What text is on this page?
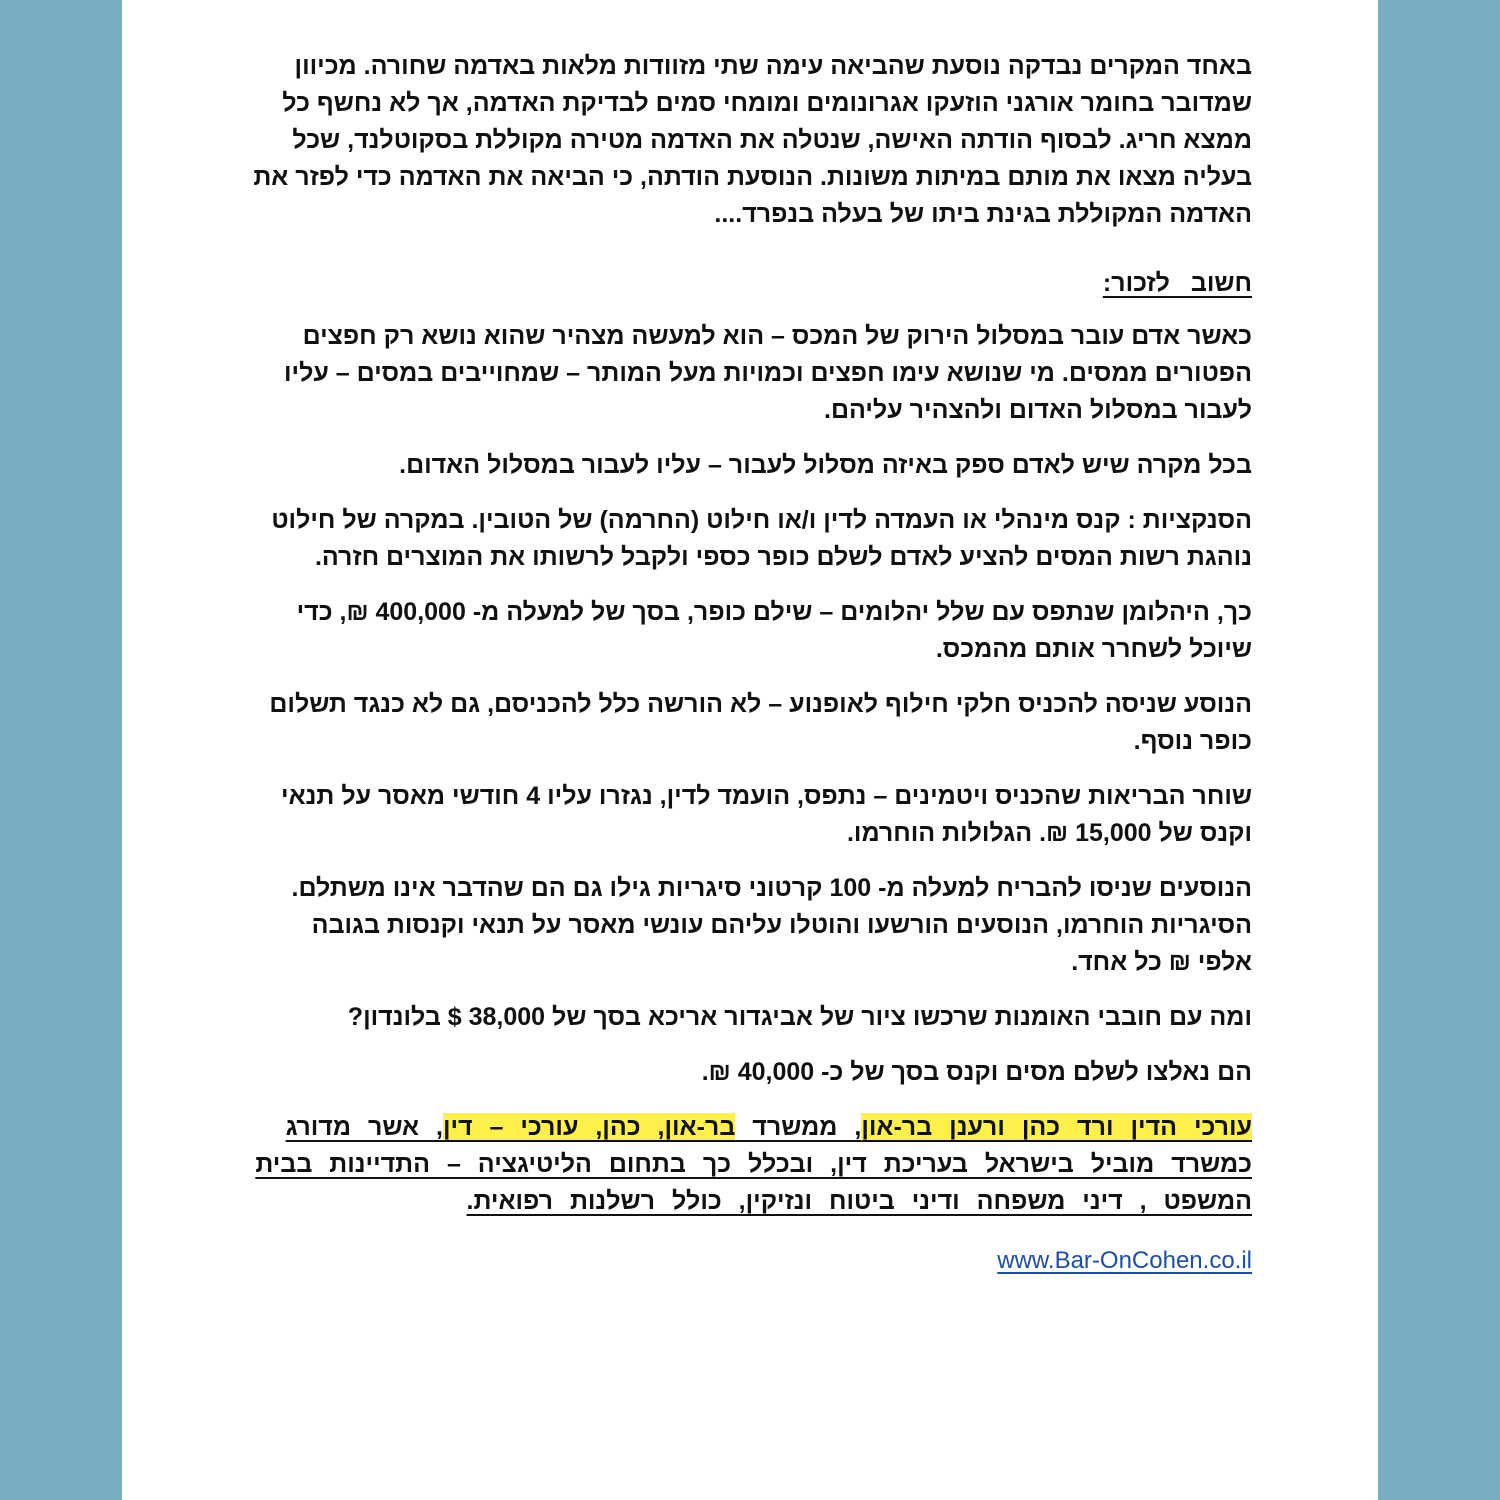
באחד המקרים נבדקה נוסעת שהביאה עימה שתי מזוודות מלאות באדמה שחורה. מכיוון שמדובר בחומר אורגני הוזעקו אגרונומים ומומחי סמים לבדיקת האדמה, אך לא נחשף כל ממצא חריג. לבסוף הודתה האישה, שנטלה את האדמה מטירה מקוללת בסקוטלנד, שכל בעליה מצאו את מותם במיתות משונות. הנוסעת הודתה, כי הביאה את האדמה כדי לפזר את האדמה המקוללת בגינת ביתו של בעלה בנפרד....

חשוב לזכור:

כאשר אדם עובר במסלול הירוק של המכס – הוא למעשה מצהיר שהוא נושא רק חפצים הפטורים ממסים. מי שנושא עימו חפצים וכמויות מעל המותר – שמחוייבים במסים – עליו לעבור במסלול האדום ולהצהיר עליהם.

בכל מקרה שיש לאדם ספק באיזה מסלול לעבור – עליו לעבור במסלול האדום.

הסנקציות : קנס מינהלי או העמדה לדין ו/או חילוט (החרמה) של הטובין. במקרה של חילוט נוהגת רשות המסים להציע לאדם לשלם כופר כספי ולקבל לרשותו את המוצרים חזרה.

כך, היהלומן שנתפס עם שלל יהלומים – שילם כופר, בסך של למעלה מ- 400,000 ₪, כדי שיוכל לשחרר אותם מהמכס.

הנוסע שניסה להכניס חלקי חילוף לאופנוע – לא הורשה כלל להכניסם, גם לא כנגד תשלום כופר נוסף.

שוחר הבריאות שהכניס ויטמינים – נתפס, הועמד לדין, נגזרו עליו 4 חודשי מאסר על תנאי וקנס של 15,000 ₪. הגלולות הוחרמו.

הנוסעים שניסו להבריח למעלה מ- 100 קרטוני סיגריות גילו גם הם שהדבר אינו משתלם. הסיגריות הוחרמו, הנוסעים הורשעו והוטלו עליהם עונשי מאסר על תנאי וקנסות בגובה אלפי ₪ כל אחד.

ומה עם חובבי האומנות שרכשו ציור של אביגדור אריכא בסך של 38,000 $ בלונדון?

הם נאלצו לשלם מסים וקנס בסך של כ- 40,000 ₪.

עורכי הדין ורד כהן ורענן בר-און, ממשרד בר-און, כהן, עורכי – דין, אשר מדורג כמשרד מוביל בישראל בעריכת דין, ובכלל כך בתחום הליטיגציה – התדיינות בבית המשפט , דיני משפחה ודיני ביטוח ונזיקין, כולל רשלנות רפואית.

www.Bar-OnCohen.co.il
